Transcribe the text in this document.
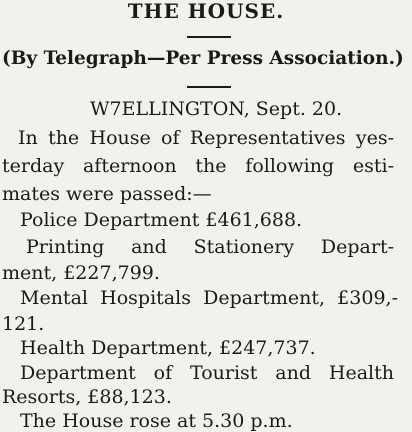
THE HOUSE.
(By Telegraph—Per Press Association.)
W7ELLINGTON, Sept. 20.
In the House of Representatives yes-
terday afternoon the following esti-
mates were passed:—
Police Department £461,688.
Printing and Stationery Depart-
ment, £227,799.
Mental Hospitals Department, £309,-
121.
Health Department, £247,737.
Department of Tourist and Health
Resorts, £88,123.
The House rose at 5.30 p.m.
